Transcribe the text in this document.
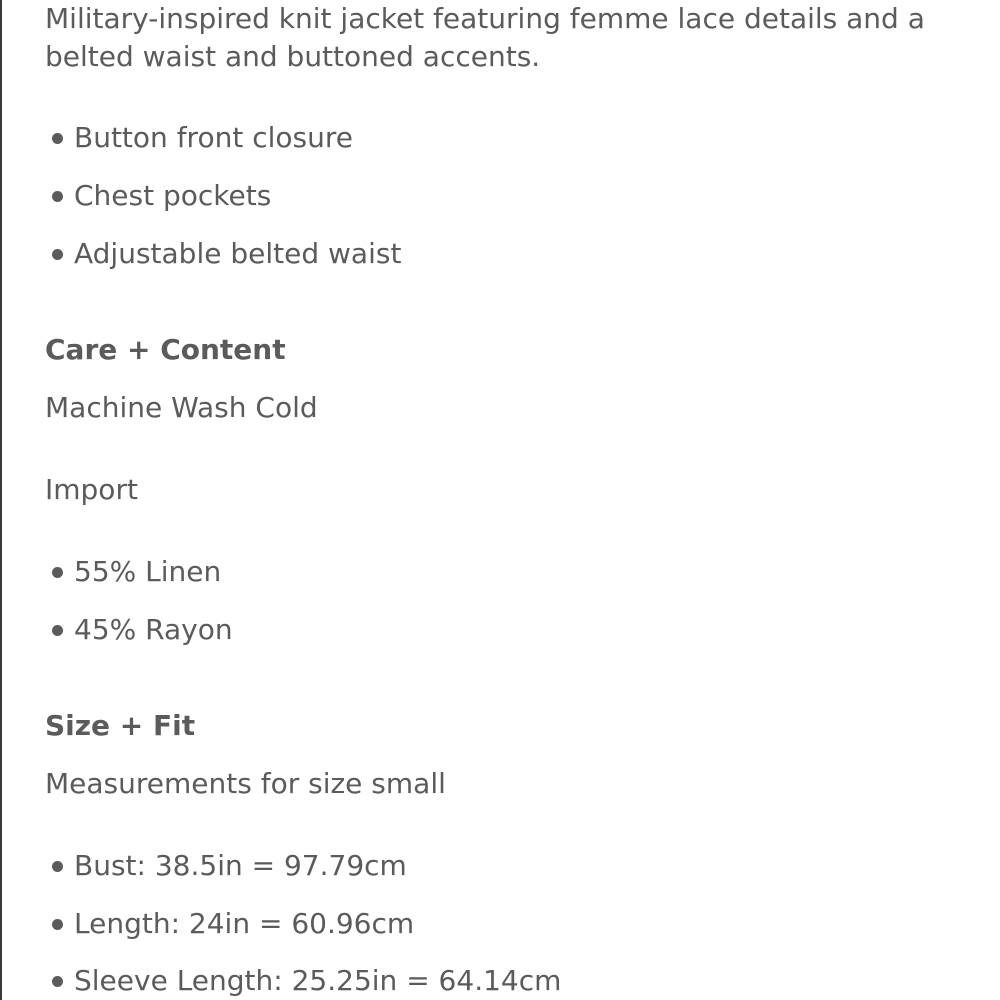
Military-inspired knit jacket featuring femme lace details and a

belted waist and buttoned accents.

Button front closure
Chest pockets
Adjustable belted waist
Care + Content

Machine Wash Cold

Import

55% Linen
45% Rayon
Size + Fit

Measurements for size small

Bust: 38.5in = 97.79cm
Length: 24in = 60.96cm
Sleeve Length: 25.25in = 64.14cm
